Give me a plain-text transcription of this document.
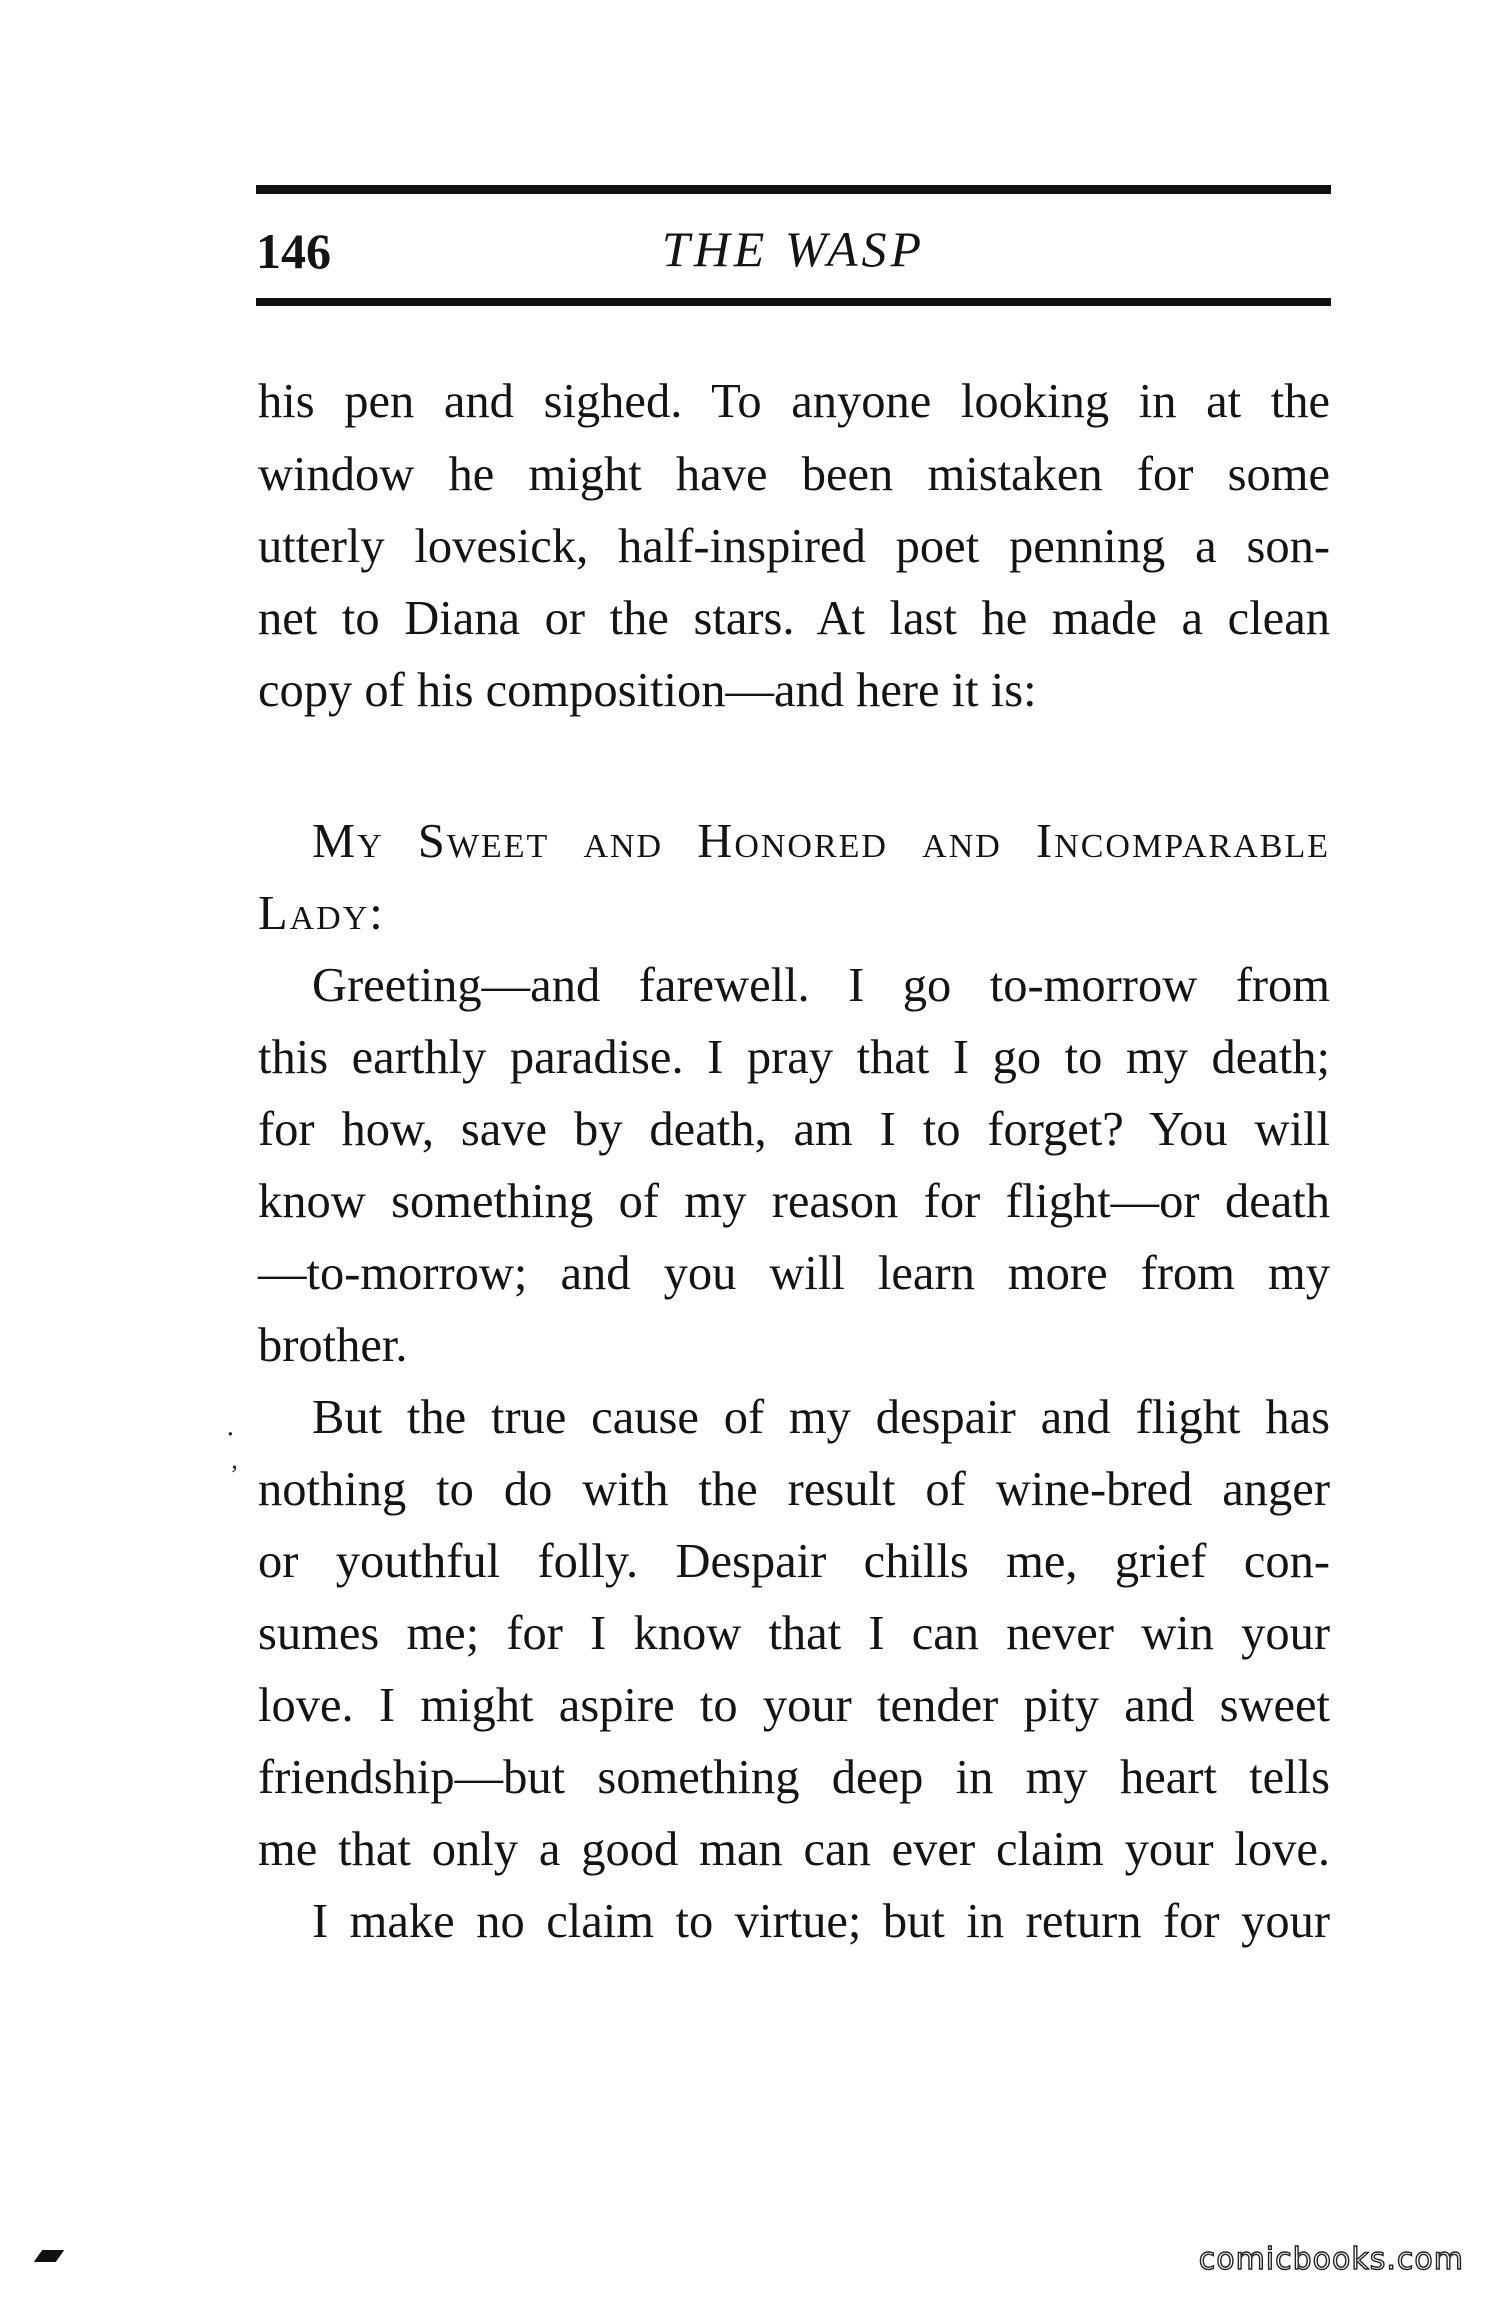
146	THE WASP
his pen and sighed. To anyone looking in at the
window he might have been mistaken for some
utterly lovesick, half-inspired poet penning a son-
net to Diana or the stars. At last he made a clean
copy of his composition—and here it is:
My Sweet and Honored and Incomparable
Lady:
Greeting—and farewell. I go to-morrow from
this earthly paradise. I pray that I go to my death;
for how, save by death, am I to forget? You will
know something of my reason for flight—or death
—to-morrow; and you will learn more from my
brother.
But the true cause of my despair and flight has
nothing to do with the result of wine-bred anger
or youthful folly. Despair chills me, grief con-
sumes me; for I know that I can never win your
love. I might aspire to your tender pity and sweet
friendship—but something deep in my heart tells
me that only a good man can ever claim your love.
I make no claim to virtue; but in return for your
․
ʼ
comicbooks.com
